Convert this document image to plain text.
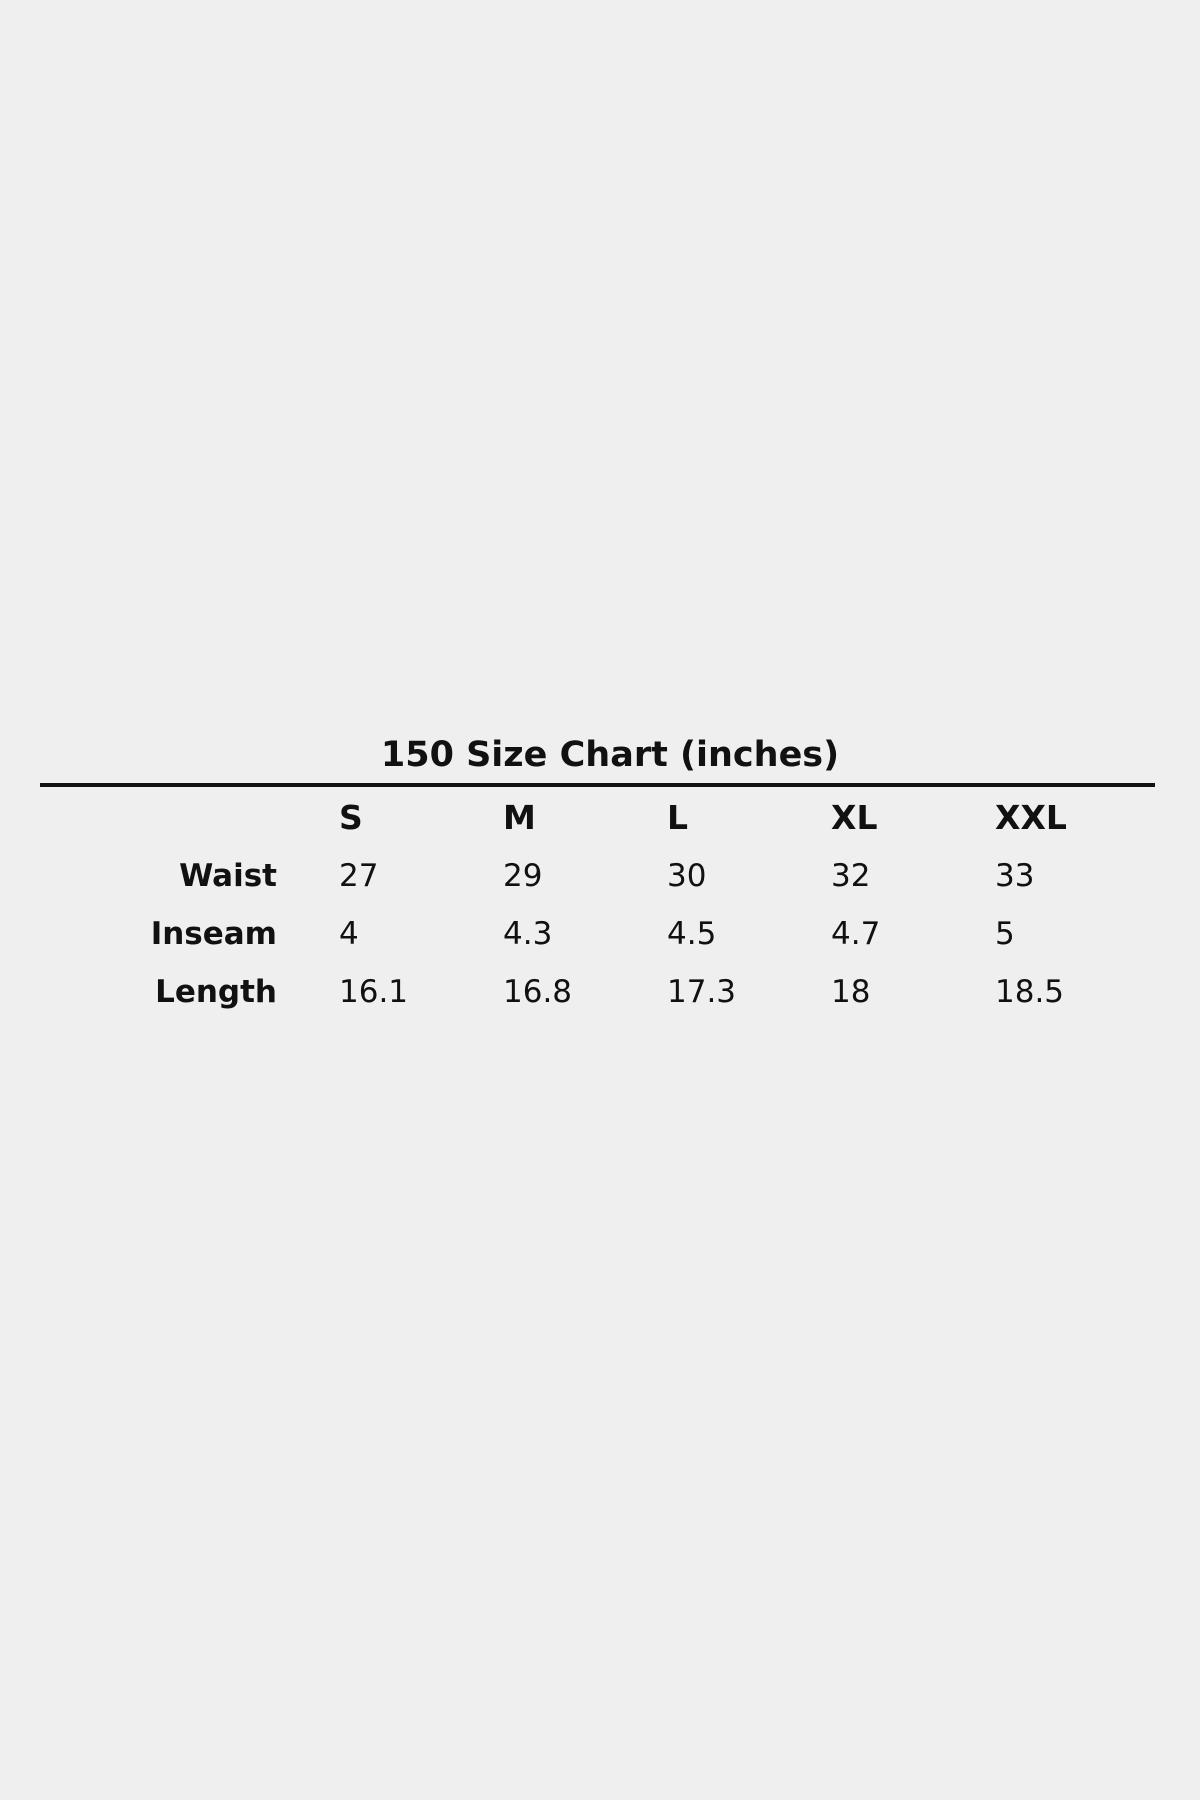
150 Size Chart (inches)
	S	M	L	XL	XXL
Waist	27	29	30	32	33
Inseam	4	4.3	4.5	4.7	5
Length	16.1	16.8	17.3	18	18.5
